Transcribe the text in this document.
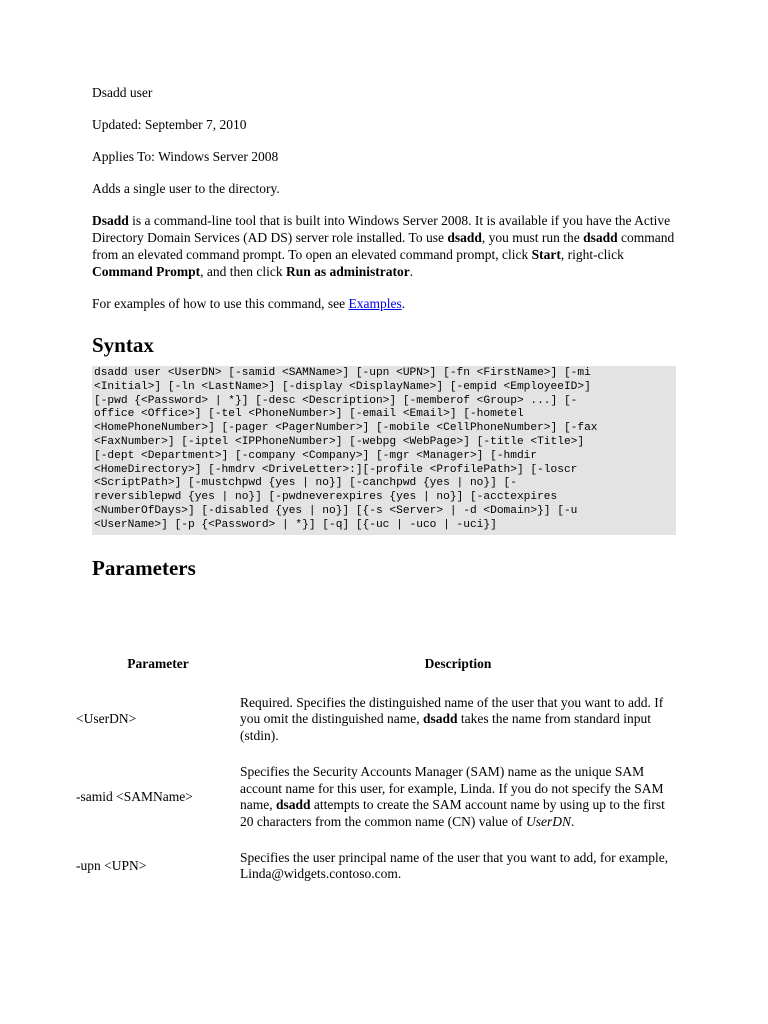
Dsadd user

Updated: September 7, 2010

Applies To: Windows Server 2008

Adds a single user to the directory.

Dsadd is a command-line tool that is built into Windows Server 2008. It is available if you have the Active Directory Domain Services (AD DS) server role installed. To use dsadd, you must run the dsadd command from an elevated command prompt. To open an elevated command prompt, click Start, right-click Command Prompt, and then click Run as administrator.

For examples of how to use this command, see Examples.

Syntax
dsadd user <UserDN> [-samid <SAMName>] [-upn <UPN>] [-fn <FirstName>] [-mi
<Initial>] [-ln <LastName>] [-display <DisplayName>] [-empid <EmployeeID>]
[-pwd {<Password> | *}] [-desc <Description>] [-memberof <Group> ...] [-
office <Office>] [-tel <PhoneNumber>] [-email <Email>] [-hometel
<HomePhoneNumber>] [-pager <PagerNumber>] [-mobile <CellPhoneNumber>] [-fax
<FaxNumber>] [-iptel <IPPhoneNumber>] [-webpg <WebPage>] [-title <Title>]
[-dept <Department>] [-company <Company>] [-mgr <Manager>] [-hmdir
<HomeDirectory>] [-hmdrv <DriveLetter>:][-profile <ProfilePath>] [-loscr
<ScriptPath>] [-mustchpwd {yes | no}] [-canchpwd {yes | no}] [-
reversiblepwd {yes | no}] [-pwdneverexpires {yes | no}] [-acctexpires
<NumberOfDays>] [-disabled {yes | no}] [{-s <Server> | -d <Domain>}] [-u
<UserName>] [-p {<Password> | *}] [-q] [{-uc | -uco | -uci}]
Parameters
Parameter	Description
<UserDN>	Required. Specifies the distinguished name of the user that you want to add. If you omit the distinguished name, dsadd takes the name from standard input (stdin).
-samid <SAMName>	Specifies the Security Accounts Manager (SAM) name as the unique SAM account name for this user, for example, Linda. If you do not specify the SAM name, dsadd attempts to create the SAM account name by using up to the first 20 characters from the common name (CN) value of UserDN.
-upn <UPN>	Specifies the user principal name of the user that you want to add, for example, Linda@widgets.contoso.com.
